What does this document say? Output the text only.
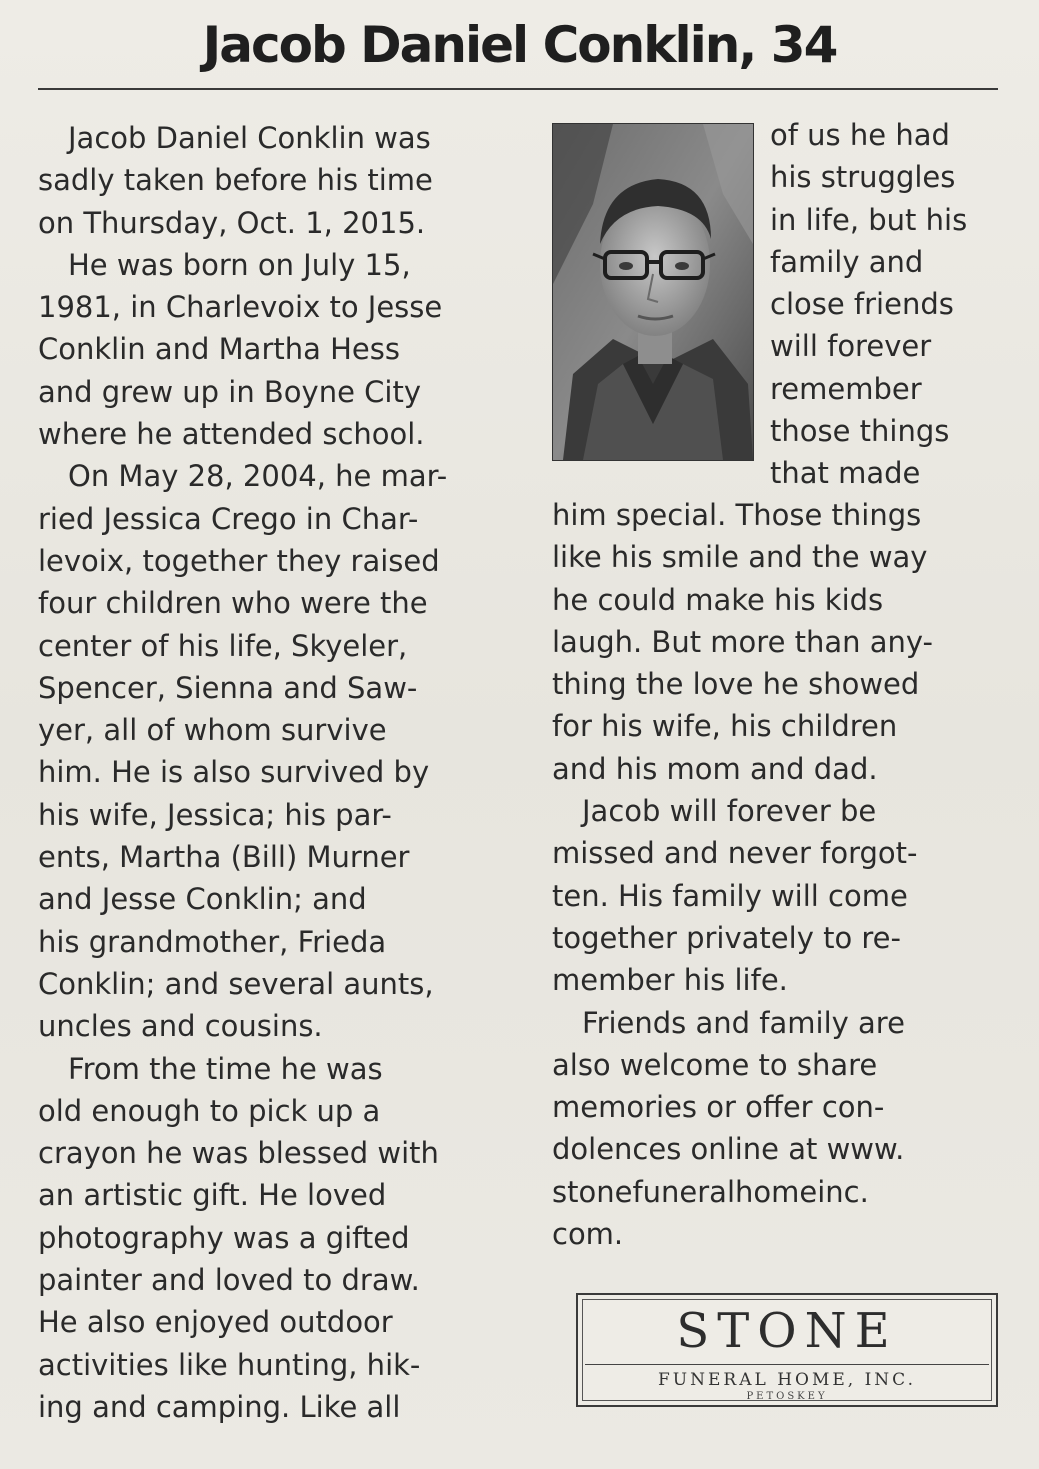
Jacob Daniel Conklin, 34
Jacob Daniel Conklin was
sadly taken before his time
on Thursday, Oct. 1, 2015.
He was born on July 15,
1981, in Charlevoix to Jesse
Conklin and Martha Hess
and grew up in Boyne City
where he attended school.
On May 28, 2004, he mar-
ried Jessica Crego in Char-
levoix, together they raised
four children who were the
center of his life, Skyeler,
Spencer, Sienna and Saw-
yer, all of whom survive
him. He is also survived by
his wife, Jessica; his par-
ents, Martha (Bill) Murner
and Jesse Conklin; and
his grandmother, Frieda
Conklin; and several aunts,
uncles and cousins.
From the time he was
old enough to pick up a
crayon he was blessed with
an artistic gift. He loved
photography was a gifted
painter and loved to draw.
He also enjoyed outdoor
activities like hunting, hik-
ing and camping. Like all
of us he had
his struggles
in life, but his
family and
close friends
will forever
remember
those things
that made
him special. Those things
like his smile and the way
he could make his kids
laugh. But more than any-
thing the love he showed
for his wife, his children
and his mom and dad.
Jacob will forever be
missed and never forgot-
ten. His family will come
together privately to re-
member his life.
Friends and family are
also welcome to share
memories or offer con-
dolences online at www.
stonefuneralhomeinc.
com.
STONE
FUNERAL HOME, INC.
PETOSKEY
